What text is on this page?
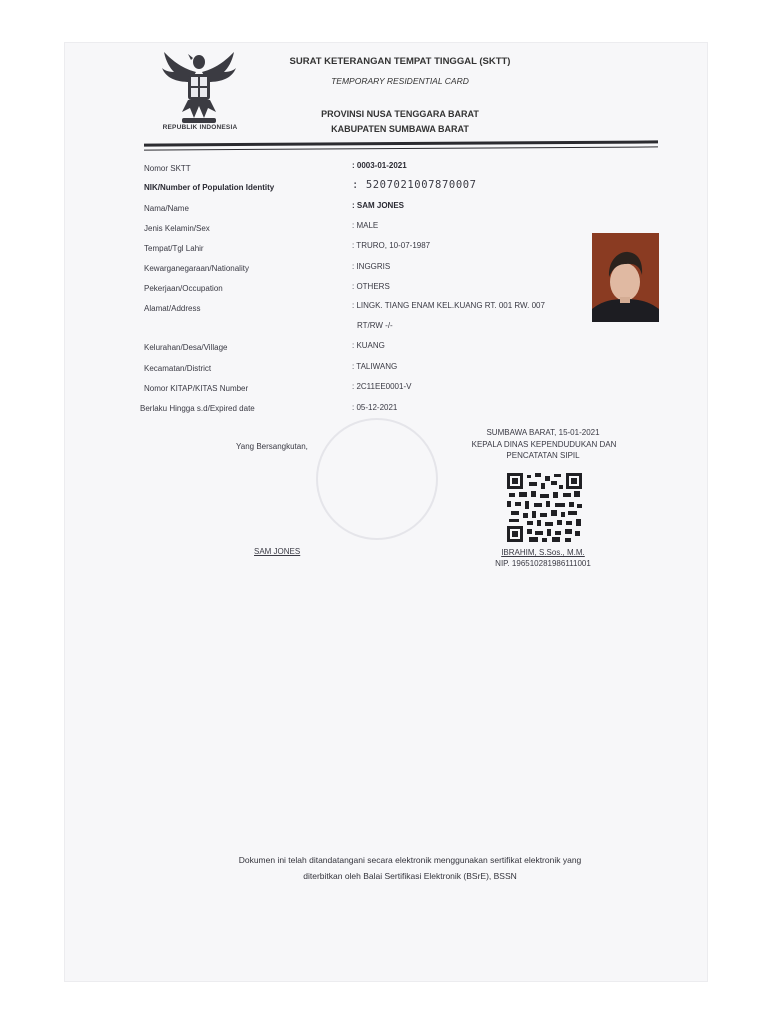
REPUBLIK INDONESIA
SURAT KETERANGAN TEMPAT TINGGAL (SKTT)
TEMPORARY RESIDENTIAL CARD
PROVINSI NUSA TENGGARA BARAT
KABUPATEN SUMBAWA BARAT
Nomor SKTT	: 0003-01-2021
NIK/Number of Population Identity	: 5207021007870007
Nama/Name	: SAM JONES
Jenis Kelamin/Sex	: MALE
Tempat/Tgl Lahir	: TRURO, 10-07-1987
Kewarganegaraan/Nationality	: INGGRIS
Pekerjaan/Occupation	: OTHERS
Alamat/Address	: LINGK. TIANG ENAM KEL.KUANG RT. 001 RW. 007
RT/RW -/-
Kelurahan/Desa/Village	: KUANG
Kecamatan/District	: TALIWANG
Nomor KITAP/KITAS Number	: 2C11EE0001-V
Berlaku Hingga s.d/Expired date	: 05-12-2021
Yang Bersangkutan,
SAM JONES
SUMBAWA BARAT, 15-01-2021
KEPALA DINAS KEPENDUDUKAN DAN
PENCATATAN SIPIL
IBRAHIM, S.Sos., M.M.
NIP. 196510281986111001
Dokumen ini telah ditandatangani secara elektronik menggunakan sertifikat elektronik yang
diterbitkan oleh Balai Sertifikasi Elektronik (BSrE), BSSN
